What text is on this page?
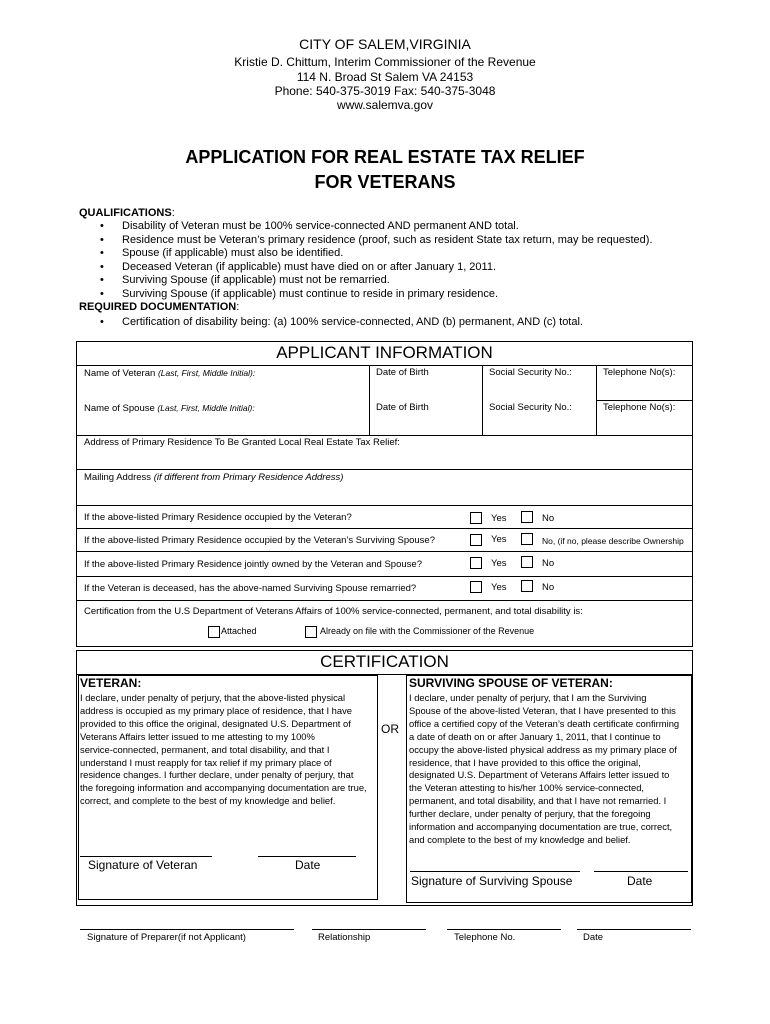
CITY OF SALEM,VIRGINIA
Kristie D. Chittum, Interim Commissioner of the Revenue
114 N. Broad St Salem VA 24153
Phone: 540-375-3019 Fax: 540-375-3048
www.salemva.gov
APPLICATION FOR REAL ESTATE TAX RELIEF
FOR VETERANS
QUALIFICATIONS:
• Disability of Veteran must be 100% service-connected AND permanent AND total.
• Residence must be Veteran’s primary residence (proof, such as resident State tax return, may be requested).
• Spouse (if applicable) must also be identified.
• Deceased Veteran (if applicable) must have died on or after January 1, 2011.
• Surviving Spouse (if applicable) must not be remarried.
• Surviving Spouse (if applicable) must continue to reside in primary residence.
REQUIRED DOCUMENTATION:
• Certification of disability being: (a) 100% service-connected, AND (b) permanent, AND (c) total.
APPLICANT INFORMATION
Name of Veteran (Last, First, Middle Initial):	Date of Birth	Social Security No.:	Telephone No(s):
Name of Spouse (Last, First, Middle Initial):	Date of Birth	Social Security No.:	Telephone No(s):
Address of Primary Residence To Be Granted Local Real Estate Tax Relief:
Mailing Address (if different from Primary Residence Address)
If the above-listed Primary Residence occupied by the Veteran?	Yes	No
If the above-listed Primary Residence occupied by the Veteran’s Surviving Spouse?	Yes	No, (if no, please describe Ownership
If the above-listed Primary Residence jointly owned by the Veteran and Spouse?	Yes	No
If the Veteran is deceased, has the above-named Surviving Spouse remarried?	Yes	No
Certification from the U.S Department of Veterans Affairs of 100% service-connected, permanent, and total disability is:
Attached	Already on file with the Commissioner of the Revenue
CERTIFICATION
VETERAN:
I declare, under penalty of perjury, that the above-listed physical
address is occupied as my primary place of residence, that I have
provided to this office the original, designated U.S. Department of
Veterans Affairs letter issued to me attesting to my 100%
service-connected, permanent, and total disability, and that I
understand I must reapply for tax relief if my primary place of
residence changes. I further declare, under penalty of perjury, that
the foregoing information and accompanying documentation are true,
correct, and complete to the best of my knowledge and belief.
OR
SURVIVING SPOUSE OF VETERAN:
I declare, under penalty of perjury, that I am the Surviving
Spouse of the above-listed Veteran, that I have presented to this
office a certified copy of the Veteran’s death certificate confirming
a date of death on or after January 1, 2011, that I continue to
occupy the above-listed physical address as my primary place of
residence, that I have provided to this office the original,
designated U.S. Department of Veterans Affairs letter issued to
the Veteran attesting to his/her 100% service-connected,
permanent, and total disability, and that I have not remarried. I
further declare, under penalty of perjury, that the foregoing
information and accompanying documentation are true, correct,
and complete to the best of my knowledge and belief.
Signature of Veteran	Date
Signature of Surviving Spouse	Date
Signature of Preparer(if not Applicant)	Relationship	Telephone No.	Date
